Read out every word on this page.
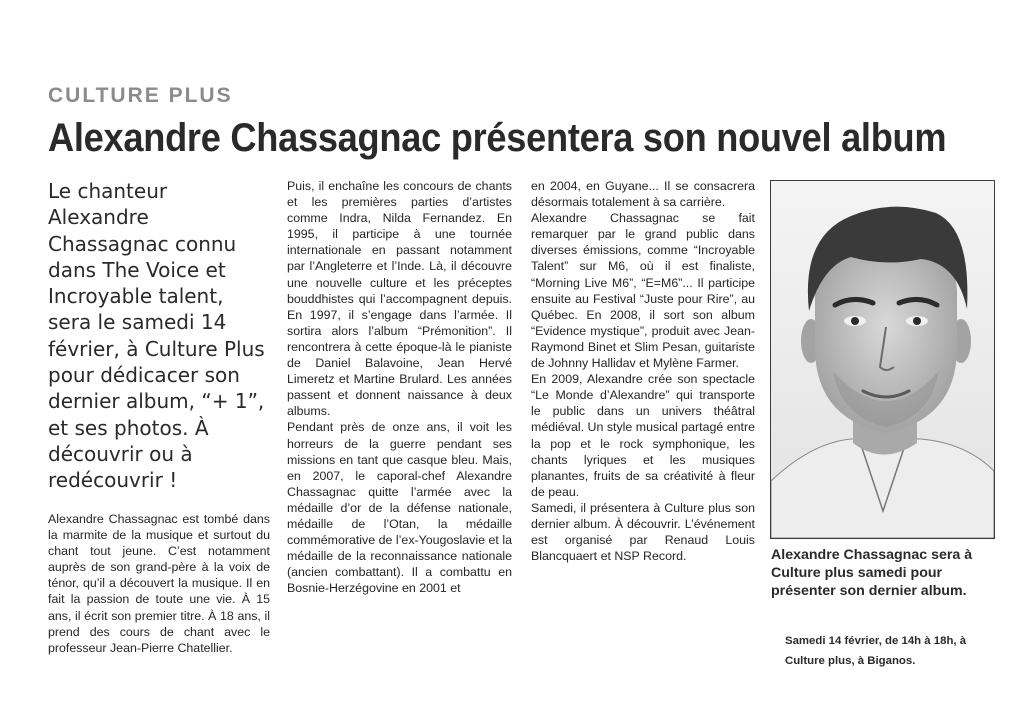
CULTURE PLUS
Alexandre Chassagnac présentera son nouvel album
Le chanteur Alexandre Chassagnac connu dans The Voice et Incroyable talent, sera le samedi 14 février, à Culture Plus pour dédicacer son dernier album, “+ 1”, et ses photos. À découvrir ou à redécouvrir !

Alexandre Chassagnac est tombé dans la marmite de la musique et surtout du chant tout jeune. C’est notamment auprès de son grand-père à la voix de ténor, qu’il a découvert la musique. Il en fait la passion de toute une vie. À 15 ans, il écrit son premier titre. À 18 ans, il prend des cours de chant avec le professeur Jean-Pierre Chatellier.

Puis, il enchaîne les concours de chants et les premières parties d’artistes comme Indra, Nilda Fernandez. En 1995, il participe à une tournée internationale en passant notamment par l’Angleterre et l’Inde. Là, il découvre une nouvelle culture et les préceptes bouddhistes qui l’accompagnent depuis. En 1997, il s’engage dans l’armée. Il sortira alors l’album “Prémonition”. Il rencontrera à cette époque-là le pianiste de Daniel Balavoine, Jean Hervé Limeretz et Martine Brulard. Les années passent et donnent naissance à deux albums.

Pendant près de onze ans, il voit les horreurs de la guerre pendant ses missions en tant que casque bleu. Mais, en 2007, le caporal-chef Alexandre Chassagnac quitte l’armée avec la médaille d’or de la défense nationale, médaille de l’Otan, la médaille commémorative de l’ex-Yougoslavie et la médaille de la reconnaissance nationale (ancien combattant). Il a combattu en Bosnie-Herzégovine en 2001 et

en 2004, en Guyane... Il se consacrera désormais totalement à sa carrière.

Alexandre Chassagnac se fait remarquer par le grand public dans diverses émissions, comme “Incroyable Talent” sur M6, où il est finaliste, “Morning Live M6”, “E=M6”... Il participe ensuite au Festival “Juste pour Rire”, au Québec. En 2008, il sort son album “Evidence mystique”, produit avec Jean-Raymond Binet et Slim Pesan, guitariste de Johnny Hallidav et Mylène Farmer.

En 2009, Alexandre crée son spectacle “Le Monde d’Alexandre” qui transporte le public dans un univers théâtral médiéval. Un style musical partagé entre la pop et le rock symphonique, les chants lyriques et les musiques planantes, fruits de sa créativité à fleur de peau.

Samedi, il présentera à Culture plus son dernier album. À découvrir. L’événement est organisé par Renaud Louis Blancquaert et NSP Record.	Alexandre Chassagnac sera à Culture plus samedi pour présenter son dernier album.
Samedi 14 février, de 14h à 18h, à Culture plus, à Biganos.
